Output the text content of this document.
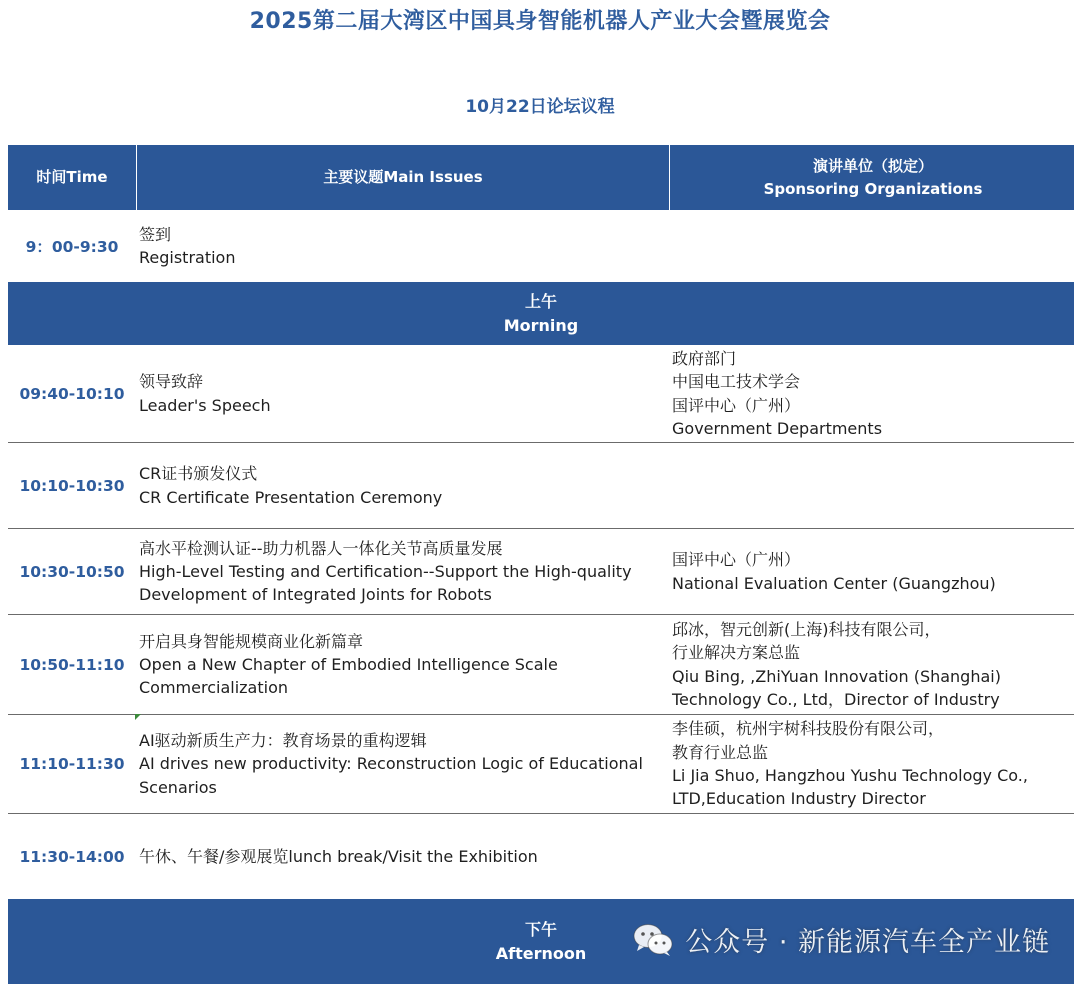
2025第二届大湾区中国具身智能机器人产业大会暨展览会
10月22日论坛议程
时间Time	主要议题Main Issues
演讲单位（拟定）
Sponsoring Organizations
9：00-9:30
签到
Registration
上午
Morning
09:40-10:10
领导致辞
Leader's Speech
政府部门
中国电工技术学会
国评中心（广州）
Government Departments
10:10-10:30
CR证书颁发仪式
CR Certificate Presentation Ceremony
10:30-10:50
高水平检测认证--助力机器人一体化关节高质量发展
High-Level Testing and Certification--Support the High-quality
Development of Integrated Joints for Robots
国评中心（广州）
National Evaluation Center (Guangzhou)
10:50-11:10
开启具身智能规模商业化新篇章
Open a New Chapter of Embodied Intelligence Scale
Commercialization
邱冰，智元创新(上海)科技有限公司，
行业解决方案总监
Qiu Bing, ,ZhiYuan Innovation (Shanghai)
Technology Co., Ltd，Director of Industry
11:10-11:30
AI驱动新质生产力：教育场景的重构逻辑
AI drives new productivity: Reconstruction Logic of Educational
Scenarios
李佳硕，杭州宇树科技股份有限公司，
教育行业总监
Li Jia Shuo, Hangzhou Yushu Technology Co.,
LTD,Education Industry Director
11:30-14:00 午休、午餐/参观展览lunch break/Visit the Exhibition
下午
Afternoon	公众号 · 新能源汽车全产业链
